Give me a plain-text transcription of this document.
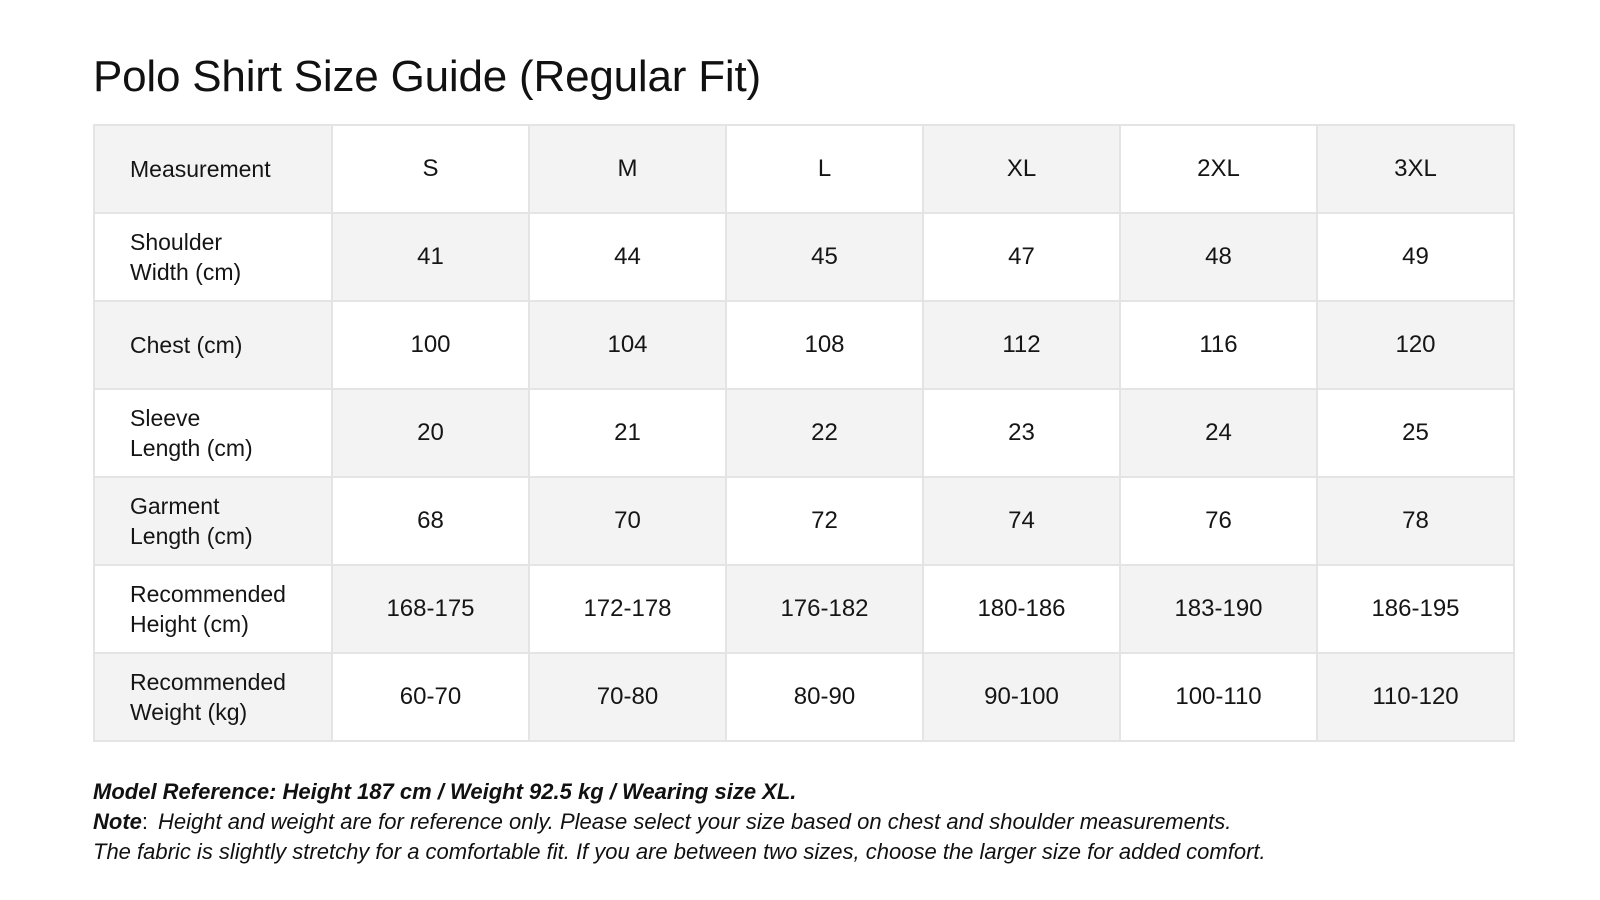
Polo Shirt Size Guide (Regular Fit)
Measurement	S	M	L	XL	2XL	3XL
Shoulder
Width (cm)	41	44	45	47	48	49
Chest (cm)	100	104	108	112	116	120
Sleeve
Length (cm)	20	21	22	23	24	25
Garment
Length (cm)	68	70	72	74	76	78
Recommended
Height (cm)	168-175	172-178	176-182	180-186	183-190	186-195
Recommended
Weight (kg)	60-70	70-80	80-90	90-100	100-110	110-120
Model Reference: Height 187 cm / Weight 92.5 kg / Wearing size XL.
Note: Height and weight are for reference only. Please select your size based on chest and shoulder measurements.
The fabric is slightly stretchy for a comfortable fit. If you are between two sizes, choose the larger size for added comfort.
